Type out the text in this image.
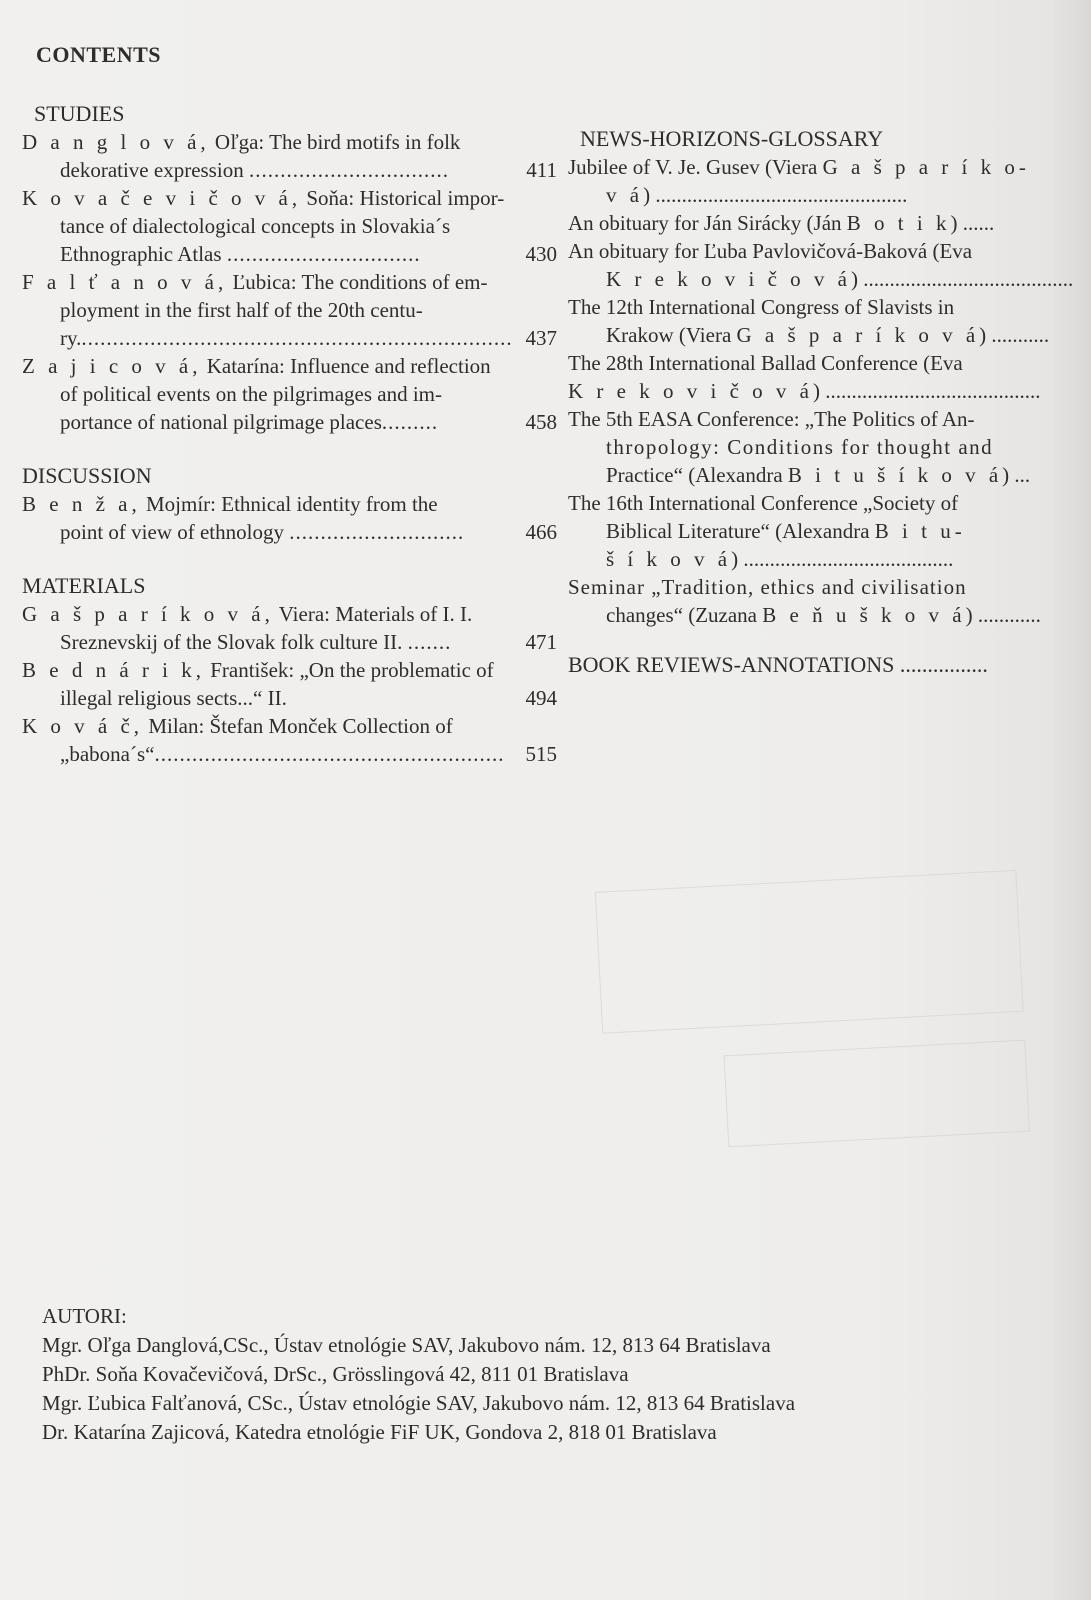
CONTENTS
STUDIES
D a n g l o v á, Oľga: The bird motifs in folk
dekorative expression ................................	411
K o v a č e v i č o v á, Soňa: Historical impor-
tance of dialectological concepts in Slovakia´s
Ethnographic Atlas ...............................	430
F a l ť a n o v á, Ľubica: The conditions of em-
ployment in the first half of the 20th centu-
ry...................................................................... 437
Z a j i c o v á, Katarína: Influence and reflection
of political events on the pilgrimages and im-
portance of national pilgrimage places.........	458
DISCUSSION
B e n ž a, Mojmír: Ethnical identity from the
point of view of ethnology ............................	466
MATERIALS
G a š p a r í k o v á, Viera: Materials of I. I.
Sreznevskij of the Slovak folk culture II. .......	471
B e d n á r i k, František: „On the problematic of
illegal religious sects...“ II.	494
K o v á č, Milan: Štefan Monček Collection of
„babona´s“........................................................	515
NEWS-HORIZONS-GLOSSARY
Jubilee of V. Je. Gusev (Viera G a š p a r í k o-
v á) ................................................
An obituary for Ján Sirácky (Ján B o t i k) ......
An obituary for Ľuba Pavlovičová-Baková (Eva
K r e k o v i č o v á) ........................................
The 12th International Congress of Slavists in
Krakow (Viera G a š p a r í k o v á) ...........
The 28th International Ballad Conference (Eva
K r e k o v i č o v á) .........................................
The 5th EASA Conference: „The Politics of An-
thropology: Conditions for thought and
Practice“ (Alexandra B i t u š í k o v á) ...
The 16th International Conference „Society of
Biblical Literature“ (Alexandra B i t u-
š í k o v á) ........................................
Seminar „Tradition, ethics and civilisation
changes“ (Zuzana B e ň u š k o v á) ............
BOOK REVIEWS-ANNOTATIONS ................
AUTORI:
Mgr. Oľga Danglová,CSc., Ústav etnológie SAV, Jakubovo nám. 12, 813 64 Bratislava
PhDr. Soňa Kovačevičová, DrSc., Grösslingová 42, 811 01 Bratislava
Mgr. Ľubica Falťanová, CSc., Ústav etnológie SAV, Jakubovo nám. 12, 813 64 Bratislava
Dr. Katarína Zajicová, Katedra etnológie FiF UK, Gondova 2, 818 01 Bratislava
